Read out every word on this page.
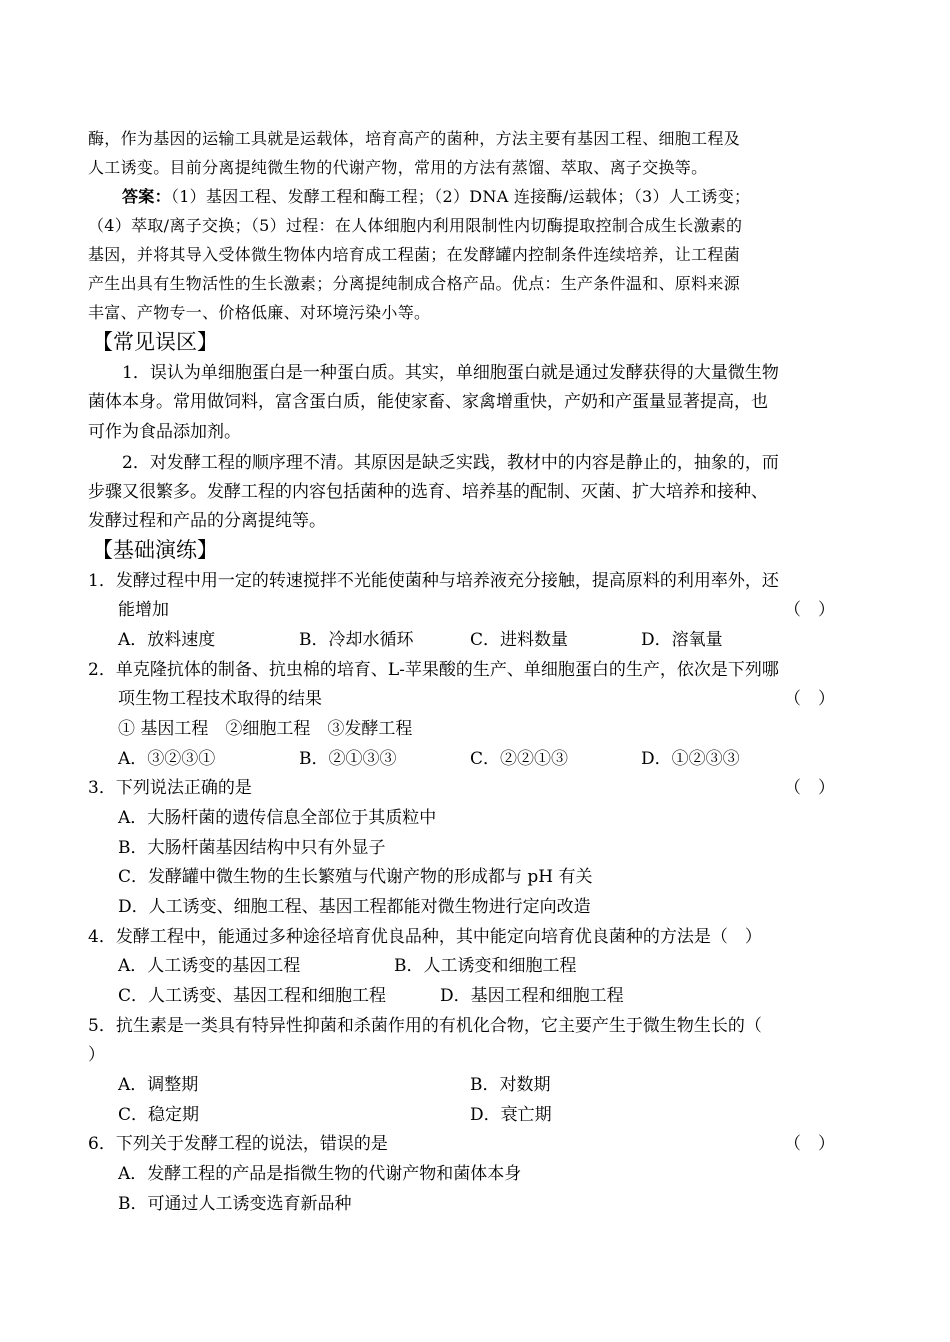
酶，作为基因的运输工具就是运载体，培育高产的菌种，方法主要有基因工程、细胞工程及
人工诱变。目前分离提纯微生物的代谢产物，常用的方法有蒸馏、萃取、离子交换等。
答案：（1）基因工程、发酵工程和酶工程；（2）DNA 连接酶/运载体；（3）人工诱变；
（4）萃取/离子交换；（5）过程：在人体细胞内利用限制性内切酶提取控制合成生长激素的
基因，并将其导入受体微生物体内培育成工程菌；在发酵罐内控制条件连续培养，让工程菌
产生出具有生物活性的生长激素；分离提纯制成合格产品。优点：生产条件温和、原料来源
丰富、产物专一、价格低廉、对环境污染小等。
【常见误区】
1．误认为单细胞蛋白是一种蛋白质。其实，单细胞蛋白就是通过发酵获得的大量微生物
菌体本身。常用做饲料，富含蛋白质，能使家畜、家禽增重快，产奶和产蛋量显著提高，也
可作为食品添加剂。
2．对发酵工程的顺序理不清。其原因是缺乏实践，教材中的内容是静止的，抽象的，而
步骤又很繁多。发酵工程的内容包括菌种的选育、培养基的配制、灭菌、扩大培养和接种、
发酵过程和产品的分离提纯等。
【基础演练】
1．发酵过程中用一定的转速搅拌不光能使菌种与培养液充分接触，提高原料的利用率外，还
能增加	（　）
A．放料速度	B．冷却水循环	C．进料数量	D．溶氧量
2．单克隆抗体的制备、抗虫棉的培育、L-苹果酸的生产、单细胞蛋白的生产，依次是下列哪
项生物工程技术取得的结果	（　）
① 基因工程　②细胞工程　③发酵工程
A．③②③①	B．②①③③	C．②②①③	D．①②③③
3．下列说法正确的是	（　）
A．大肠杆菌的遗传信息全部位于其质粒中
B．大肠杆菌基因结构中只有外显子
C．发酵罐中微生物的生长繁殖与代谢产物的形成都与 pH 有关
D．人工诱变、细胞工程、基因工程都能对微生物进行定向改造
4．发酵工程中，能通过多种途径培育优良品种，其中能定向培育优良菌种的方法是（　）
A．人工诱变的基因工程	B．人工诱变和细胞工程
C．人工诱变、基因工程和细胞工程	D．基因工程和细胞工程
5．抗生素是一类具有特异性抑菌和杀菌作用的有机化合物，它主要产生于微生物生长的（
）
A．调整期	B．对数期
C．稳定期	D．衰亡期
6．下列关于发酵工程的说法，错误的是	（　）
A．发酵工程的产品是指微生物的代谢产物和菌体本身
B．可通过人工诱变选育新品种
